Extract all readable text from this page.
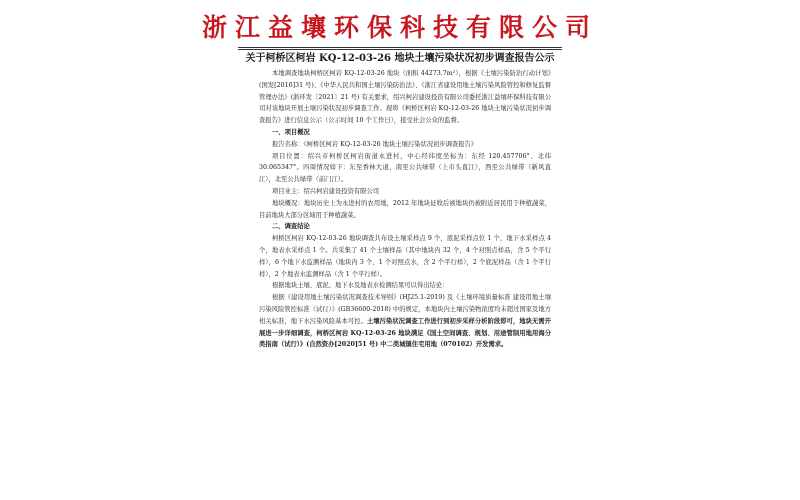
浙江益壤环保科技有限公司
关于柯桥区柯岩 KQ-12-03-26 地块土壤污染状况初步调查报告公示
本地调查地块柯桥区柯岩 KQ-12-03-26 地块（面积 44273.7m²），根据《土壤污染防治行动计划》(国发[2016]31 号)、《中华人民共和国土壤污染防治法》、《浙江省建设用地土壤污染风险管控和修复监督管理办法》(浙环发〔2021〕21 号) 有关要求，绍兴柯岩建设投资有限公司委托浙江益壤环保科技有限公司对该地块开展土壤污染状况初步调查工作。现将《柯桥区柯岩 KQ-12-03-26 地块土壤污染状况初步调查报告》进行信息公示（公示时间 10 个工作日），接受社会公众的监督。
一、项目概况
报告名称：《柯桥区柯岩 KQ-12-03-26 地块土壤污染状况初步调查报告》
项目位置：绍兴市柯桥区柯岩街道永进村，中心经纬度坐标为：东经 120.457706°、北纬 30.065347°。四周情况如下：东至香林大道，南至公共绿带（上市头直江），西至公共绿带（新风直江），北至公共绿带（前门江）。
项目业主：绍兴柯岩建设投资有限公司
地块概况：地块历史上为永进村的农用地，2012 年地块征收后被地块仍被附近居民用于种植蔬菜，目前地块大部分区域用于种植蔬菜。
二、调查结论
柯桥区柯岩 KQ-12-03-26 地块调查共布设土壤采样点 9 个，底泥采样点位 1 个，地下水采样点 4 个，地表水采样点 1 个。共采集了 41 个土壤样品（其中地块内 32 个，4 个对照点样品，含 5 个平行样），6 个地下水监测样品（地块内 3 个、1 个对照点水，含 2 个平行样），2 个底泥样品（含 1 个平行样），2 个地表水监测样品（含 1 个平行样）。
根据地块土壤、底泥、地下水及地表水检测结果可以得出结论：
根据《建设用地土壤污染状况调查技术导则》(HJ25.1-2019) 及《土壤环境质量标准 建设用地土壤污染风险管控标准（试行）》(GB36600-2018) 中的规定，本地块内土壤污染物浓度均未超过国家及地方相关标准，地下水污染风险基本可控。土壤污染状况调查工作进行到初步采样分析阶段即可，地块无需开展进一步详细调查，柯桥区柯岩 KQ-12-03-26 地块满足《国土空间调查、规划、用途管制用地用海分类指南（试行）》(自然资办[2020]51 号) 中二类城镇住宅用地（070102）开发需求。
